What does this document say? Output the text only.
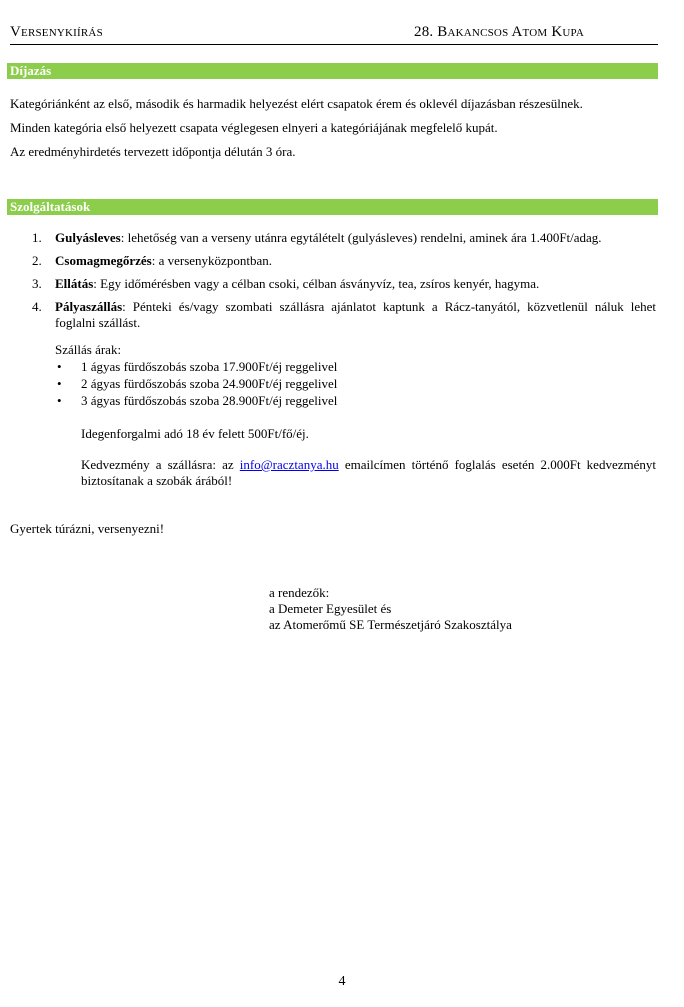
Versenykiírás	28. Bakancsos Atom Kupa
Díjazás
Kategóriánként az első, második és harmadik helyezést elért csapatok érem és oklevél díjazásban részesülnek.
Minden kategória első helyezett csapata véglegesen elnyeri a kategóriájának megfelelő kupát.
Az eredményhirdetés tervezett időpontja délután 3 óra.
Szolgáltatások
1. Gulyásleves: lehetőség van a verseny utánra egytálételt (gulyásleves) rendelni, aminek ára 1.400Ft/adag.
2. Csomagmegőrzés: a versenyközpontban.
3. Ellátás: Egy időmérésben vagy a célban csoki, célban ásványvíz, tea, zsíros kenyér, hagyma.
4. Pályaszállás: Pénteki és/vagy szombati szállásra ajánlatot kaptunk a Rácz-tanyától, közvetlenül náluk lehet foglalni szállást.
Szállás árak:
• 1 ágyas fürdőszobás szoba 17.900Ft/éj reggelivel
• 2 ágyas fürdőszobás szoba 24.900Ft/éj reggelivel
• 3 ágyas fürdőszobás szoba 28.900Ft/éj reggelivel
Idegenforgalmi adó 18 év felett 500Ft/fő/éj.
Kedvezmény a szállásra: az info@racztanya.hu emailcímen történő foglalás esetén 2.000Ft kedvezményt biztosítanak a szobák árából!
Gyertek túrázni, versenyezni!
a rendezők:
a Demeter Egyesület és
az Atomerőmű SE Természetjáró Szakosztálya
4
